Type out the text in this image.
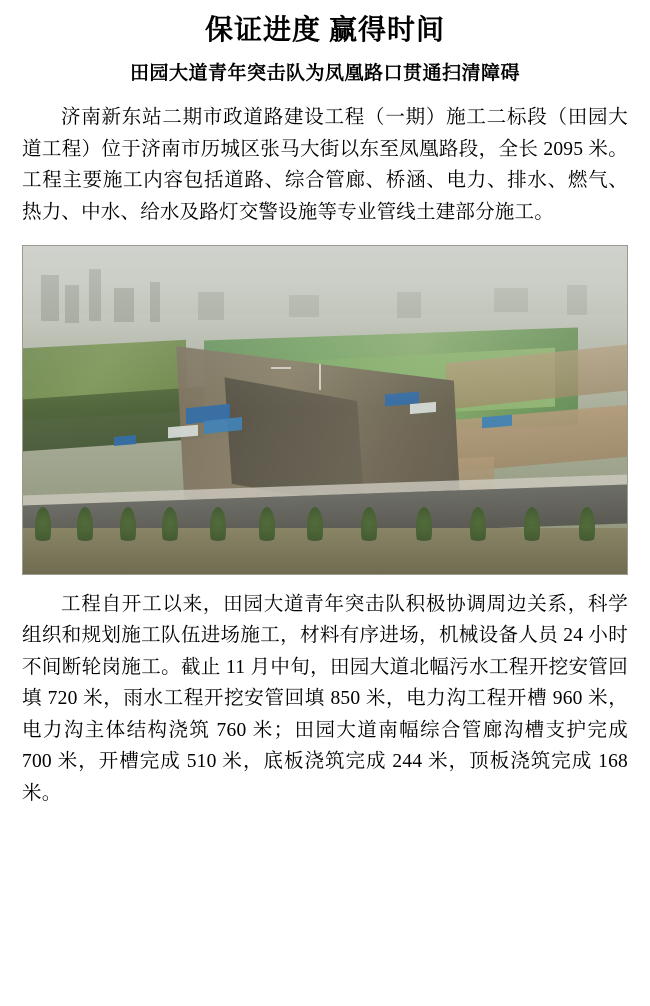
保证进度 赢得时间
田园大道青年突击队为凤凰路口贯通扫清障碍

济南新东站二期市政道路建设工程（一期）施工二标段（田园大道工程）位于济南市历城区张马大街以东至凤凰路段，全长 2095 米。工程主要施工内容包括道路、综合管廊、桥涵、电力、排水、燃气、热力、中水、给水及路灯交警设施等专业管线土建部分施工。

工程自开工以来，田园大道青年突击队积极协调周边关系，科学组织和规划施工队伍进场施工，材料有序进场，机械设备人员 24 小时不间断轮岗施工。截止 11 月中旬，田园大道北幅污水工程开挖安管回填 720 米，雨水工程开挖安管回填 850 米，电力沟工程开槽 960 米，电力沟主体结构浇筑 760 米；田园大道南幅综合管廊沟槽支护完成 700 米，开槽完成 510 米，底板浇筑完成 244 米，顶板浇筑完成 168 米。
